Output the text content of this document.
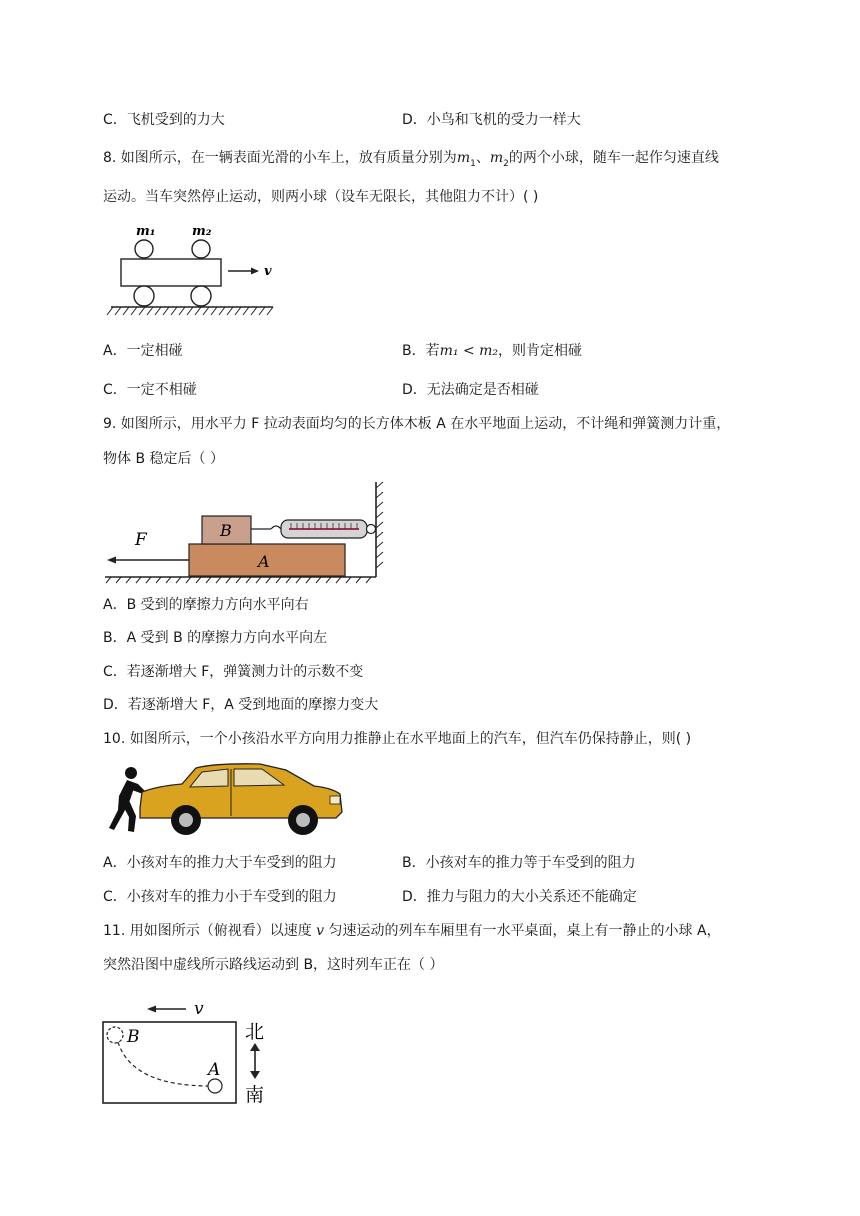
C．飞机受到的力大	D．小鸟和飞机的受力一样大
8. 如图所示，在一辆表面光滑的小车上，放有质量分别为$m_1$、$m_2$的两个小球，随车一起作匀速直线
运动。当车突然停止运动，则两小球（设车无限长，其他阻力不计）( )
m₁	m₂
v
A．一定相碰	B．若m₁ < m₂，则肯定相碰
C．一定不相碰	D．无法确定是否相碰
9. 如图所示，用水平力 F 拉动表面均匀的长方体木板 A 在水平地面上运动，不计绳和弹簧测力计重，
物体 B 稳定后（ ）
F
A
B
A．B 受到的摩擦力方向水平向右
B．A 受到 B 的摩擦力方向水平向左
C．若逐渐增大 F，弹簧测力计的示数不变
D．若逐渐增大 F，A 受到地面的摩擦力变大
10. 如图所示，一个小孩沿水平方向用力推静止在水平地面上的汽车，但汽车仍保持静止，则( )
A．小孩对车的推力大于车受到的阻力	B．小孩对车的推力等于车受到的阻力
C．小孩对车的推力小于车受到的阻力	D．推力与阻力的大小关系还不能确定
11. 用如图所示（俯视看）以速度 v 匀速运动的列车车厢里有一水平桌面，桌上有一静止的小球 A，
突然沿图中虚线所示路线运动到 B，这时列车正在（ ）
v
B
A
北
南
